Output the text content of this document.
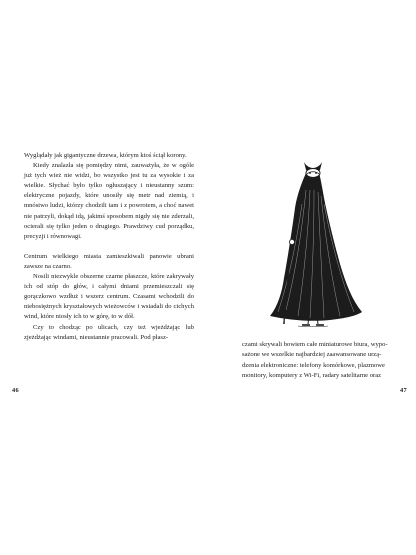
Wyglądały jak gigantyczne drzewa, którym ktoś ściął korony.

Kiedy znalazła się pomiędzy nimi, zauważyła, że w ogóle już tych wież nie widzi, bo wszystko jest tu za wysokie i za wielkie. Słychać było tylko ogłuszający i nieustanny szum: elektryczne pojazdy, które unosiły się metr nad ziemią, i mnóstwo ludzi, którzy chodzili tam i z powrotem, a choć nawet nie patrzyli, dokąd idą, jakimś sposobem nigdy się nie zderzali, ocierali się tylko jeden o drugiego. Prawdziwy cud porządku, precyzji i równowagi.

Centrum wielkiego miasta zamieszkiwali panowie ubrani zawsze na czarno.

Nosili niezwykle obszerne czarne płaszcze, które zakrywały ich od stóp do głów, i całymi dniami przemieszczali się gorączkowo wzdłuż i wszerz centrum. Czasami wchodzili do niebosiężnych kryształowych wieżowców i wsiadali do cichych wind, które niosły ich to w górę, to w dół.

Czy to chodząc po ulicach, czy też wjeżdżając lub zjeżdżając windami, nieustannie pracowali. Pod płasz-

46
czami skrywali bowiem całe miniaturowe biura, wypo-
sażone we wszelkie najbardziej zaawansowane urzą-
dzenia elektroniczne: telefony komórkowe, plazmowe
monitory, komputery z Wi-Fi, radary satelitarne oraz
47
